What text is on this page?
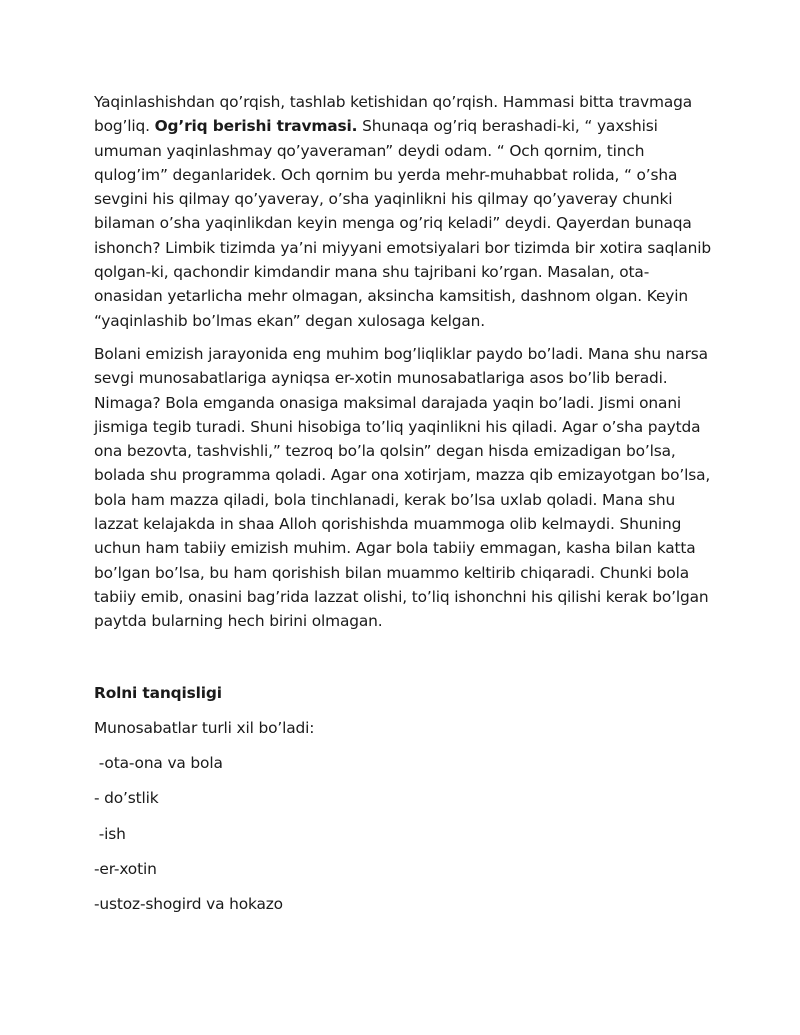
Yaqinlashishdan qo’rqish, tashlab ketishidan qo’rqish. Hammasi bitta travmaga bog’liq. Og’riq berishi travmasi. Shunaqa og’riq berashadi-ki, “ yaxshisi umuman yaqinlashmay qo’yaveraman” deydi odam. “ Och qornim, tinch qulog’im” deganlaridek. Och qornim bu yerda mehr-muhabbat rolida, “ o’sha sevgini his qilmay qo’yaveray, o’sha yaqinlikni his qilmay qo’yaveray chunki bilaman o’sha yaqinlikdan keyin menga og’riq keladi” deydi. Qayerdan bunaqa ishonch? Limbik tizimda ya’ni miyyani emotsiyalari bor tizimda bir xotira saqlanib qolgan-ki, qachondir kimdandir mana shu tajribani ko’rgan. Masalan, ota-onasidan yetarlicha mehr olmagan, aksincha kamsitish, dashnom olgan. Keyin “yaqinlashib bo’lmas ekan” degan xulosaga kelgan.

Bolani emizish jarayonida eng muhim bog’liqliklar paydo bo’ladi. Mana shu narsa sevgi munosabatlariga ayniqsa er-xotin munosabatlariga asos bo’lib beradi. Nimaga? Bola emganda onasiga maksimal darajada yaqin bo’ladi. Jismi onani jismiga tegib turadi. Shuni hisobiga to’liq yaqinlikni his qiladi. Agar o’sha paytda ona bezovta, tashvishli,” tezroq bo’la qolsin” degan hisda emizadigan bo’lsa, bolada shu programma qoladi. Agar ona xotirjam, mazza qib emizayotgan bo’lsa, bola ham mazza qiladi, bola tinchlanadi, kerak bo’lsa uxlab qoladi. Mana shu lazzat kelajakda in shaa Alloh qorishishda muammoga olib kelmaydi. Shuning uchun ham tabiiy emizish muhim. Agar bola tabiiy emmagan, kasha bilan katta bo’lgan bo’lsa, bu ham qorishish bilan muammo keltirib chiqaradi. Chunki bola tabiiy emib, onasini bag’rida lazzat olishi, to’liq ishonchni his qilishi kerak bo’lgan paytda bularning hech birini olmagan.

Rolni tanqisligi

Munosabatlar turli xil bo’ladi:

-ota-ona va bola

- do’stlik

-ish

-er-xotin

-ustoz-shogird va hokazo
